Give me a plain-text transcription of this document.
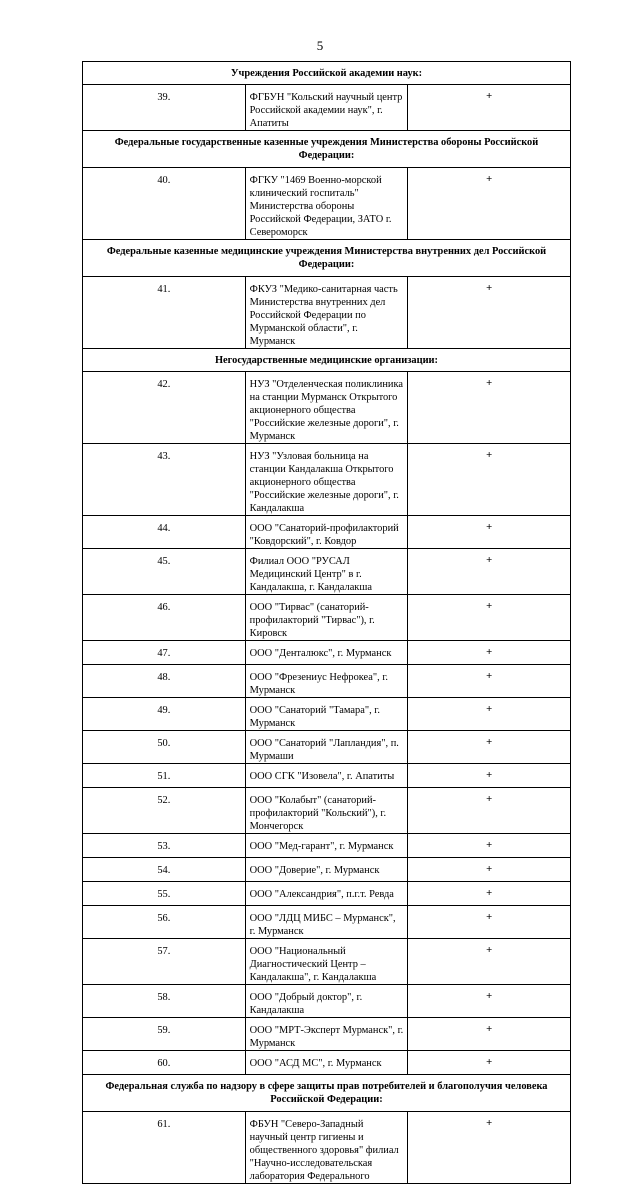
5
Учреждения Российской академии наук:		
39.	ФГБУН "Кольский научный центр Российской академии наук", г. Апатиты	+
Федеральные государственные казенные учреждения Министерства обороны Российской Федерации:		
40.	ФГКУ "1469 Военно-морской клинический госпиталь" Министерства обороны Российской Федерации, ЗАТО г. Североморск	+
Федеральные казенные медицинские учреждения Министерства внутренних дел Российской Федерации:		
41.	ФКУЗ "Медико-санитарная часть Министерства внутренних дел Российской Федерации по Мурманской области", г. Мурманск	+
Негосударственные медицинские организации:		
42.	НУЗ "Отделенческая поликлиника на станции Мурманск Открытого акционерного общества "Российские железные дороги", г. Мурманск	+
43.	НУЗ "Узловая больница на станции Кандалакша Открытого акционерного общества "Российские железные дороги", г. Кандалакша	+
44.	ООО "Санаторий-профилакторий "Ковдорский", г. Ковдор	+
45.	Филиал ООО "РУСАЛ Медицинский Центр" в г. Кандалакша, г. Кандалакша	+
46.	ООО "Тирвас" (санаторий-профилакторий "Тирвас"), г. Кировск	+
47.	ООО "Денталюкс", г. Мурманск	+
48.	ООО "Фрезениус Нефрокеа", г. Мурманск	+
49.	ООО "Санаторий "Тамара", г. Мурманск	+
50.	ООО "Санаторий "Лапландия", п. Мурмаши	+
51.	ООО СГК "Изовела", г. Апатиты	+
52.	ООО "Колабыт" (санаторий-профилакторий "Кольский"), г. Мончегорск	+
53.	ООО "Мед-гарант", г. Мурманск	+
54.	ООО "Доверие", г. Мурманск	+
55.	ООО "Александрия", п.г.т. Ревда	+
56.	ООО "ЛДЦ МИБС – Мурманск", г. Мурманск	+
57.	ООО "Национальный Диагностический Центр – Кандалакша", г. Кандалакша	+
58.	ООО "Добрый доктор", г. Кандалакша	+
59.	ООО "МРТ-Эксперт Мурманск", г. Мурманск	+
60.	ООО "АСД МС", г. Мурманск	+
Федеральная служба по надзору в сфере защиты прав потребителей и благополучия человека Российской Федерации:		
61.	ФБУН "Северо-Западный научный центр гигиены и общественного здоровья" филиал "Научно-исследовательская лаборатория Федерального	+
